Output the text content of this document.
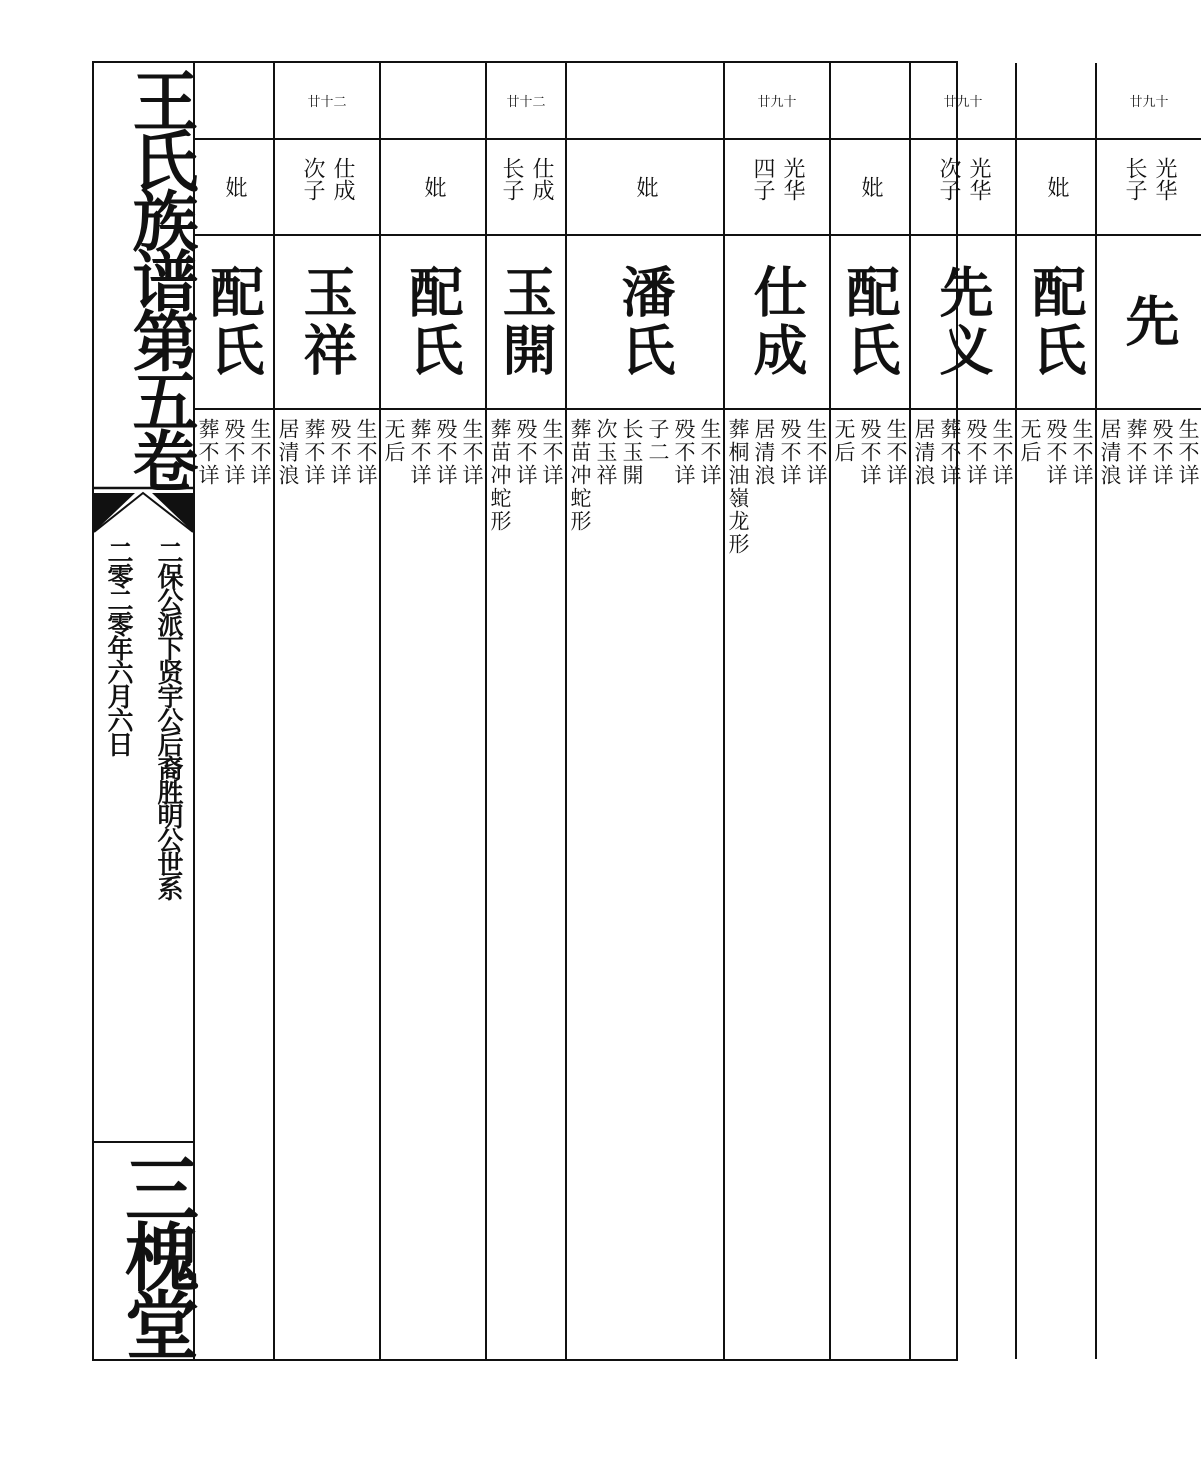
王氏族谱第五卷
二保公派下贤宇公后裔胜明公世系
二零二零年六月六日
三槐堂
妣
配氏
生不详
殁不详
葬不详
廿十二
仕成次子
玉祥
生不详
殁不详
葬不详
居清浪
妣
配氏
生不详
殁不详
葬不详
无后
廿十二
仕成长子
玉開
生不详
殁不详
葬苗冲蛇形
妣
潘氏
生不详
殁不详
子二
长玉開
次玉祥
葬苗冲蛇形
廿九十
光华四子
仕成
生不详
殁不详
居清浪
葬桐油嶺龙形
妣
配氏
生不详
殁不详
无后
廿九十
光华次子
先义
生不详
殁不详
葬不详
居清浪
妣
配氏
生不详
殁不详
无后
廿九十
光华长子
先
生不详
殁不详
葬不详
居清浪
